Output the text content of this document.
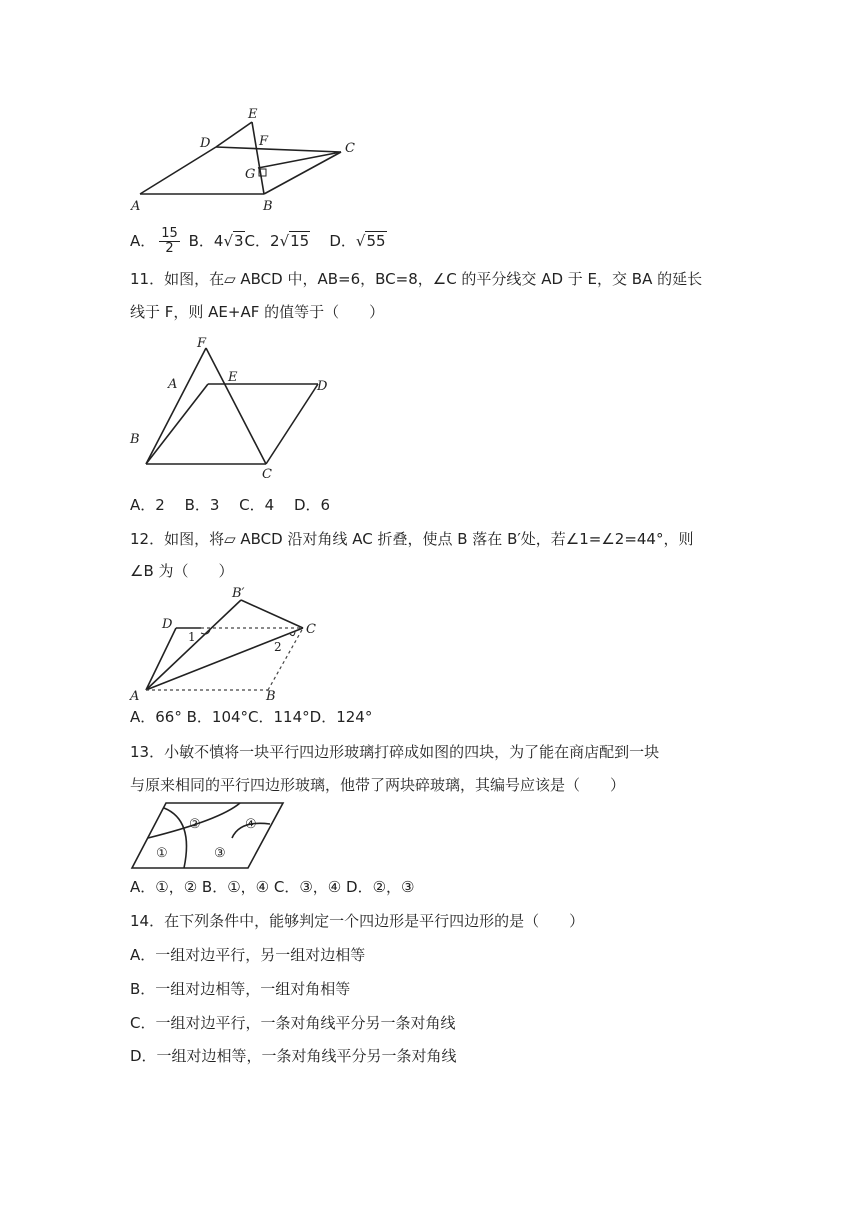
E
D	F	C
G
A	B
A． $\frac{15}{2}$ B．4√3C．2√15 D．√55
11．如图，在▱ ABCD 中，AB=6，BC=8，∠C 的平分线交 AD 于 E，交 BA 的延长
线于 F，则 AE+AF 的值等于（　　）
F
A	E
D
B
C
A．2　 B．3　 C．4　 D．6
12．如图，将▱ ABCD 沿对角线 AC 折叠，使点 B 落在 B′处，若∠1=∠2=44°，则
∠B 为（　　）
B′
D	C
1
2
A	B
A．66° B．104°C．114°D．124°
13．小敏不慎将一块平行四边形玻璃打碎成如图的四块，为了能在商店配到一块
与原来相同的平行四边形玻璃，他带了两块碎玻璃，其编号应该是（　　）
①
②
③
④
A．①，② B．①，④ C．③，④ D．②，③
14．在下列条件中，能够判定一个四边形是平行四边形的是（　　）
A．一组对边平行，另一组对边相等
B．一组对边相等，一组对角相等
C．一组对边平行，一条对角线平分另一条对角线
D．一组对边相等，一条对角线平分另一条对角线
